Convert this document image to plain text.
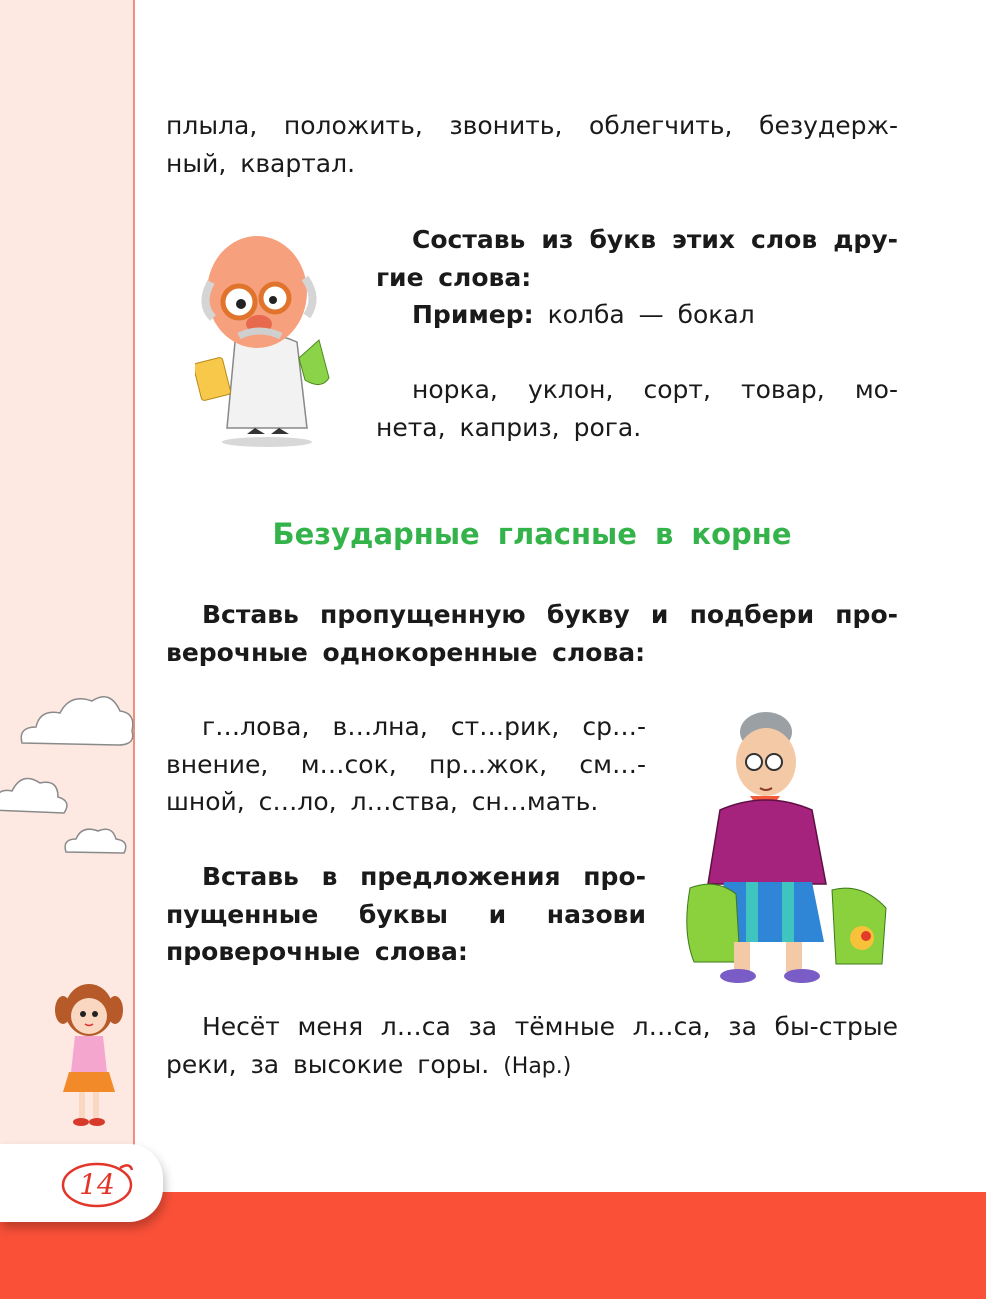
плыла, положить, звонить, облегчить, безудерж-ный, квартал.

Составь из букв этих слов дру-гие слова:

Пример: колба — бокал

норка, уклон, сорт, товар, мо-нета, каприз, рога.

Безударные гласные в корне

Вставь пропущенную букву и подбери про-верочные однокоренные слова:

г…лова, в…лна, ст…рик, ср…-внение, м…сок, пр…жок, см…-шной, с…ло, л…ства, сн…мать.

Вставь в предложения про-пущенные буквы и назови проверочные слова:

Несёт меня л…са за тёмные л…са, за бы-стрые реки, за высокие горы. (Нар.)

14
